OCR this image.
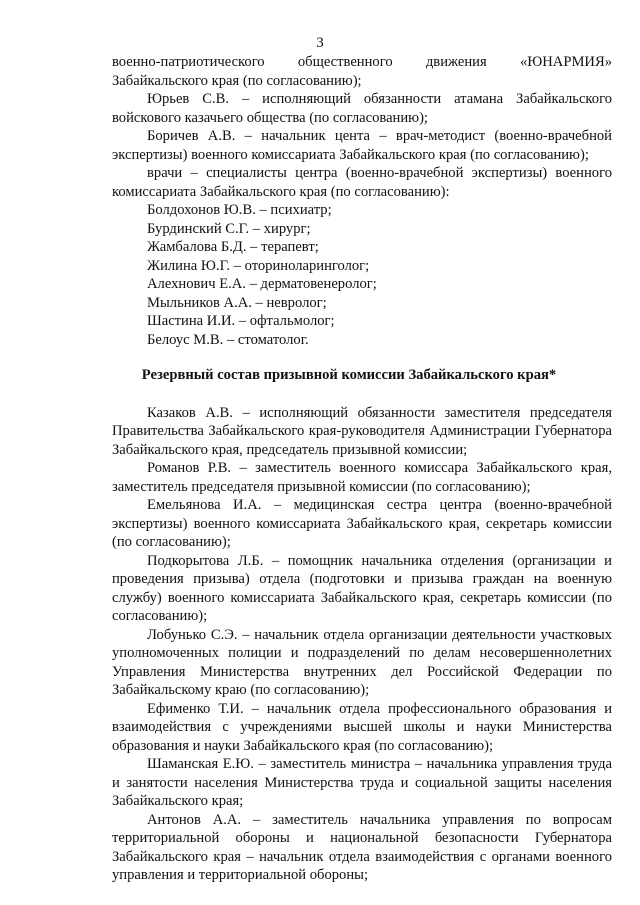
3

военно-патриотического общественного движения «ЮНАРМИЯ» Забайкальского края (по согласованию);

Юрьев С.В. – исполняющий обязанности атамана Забайкальского войскового казачьего общества (по согласованию);

Боричев А.В. – начальник цента – врач-методист (военно-врачебной экспертизы) военного комиссариата Забайкальского края (по согласованию);

врачи – специалисты центра (военно-врачебной экспертизы) военного комиссариата Забайкальского края (по согласованию):

Болдохонов Ю.В. – психиатр;

Бурдинский С.Г. – хирург;

Жамбалова Б.Д. – терапевт;

Жилина Ю.Г. – оториноларинголог;

Алехнович Е.А. – дерматовенеролог;

Мыльников А.А. – невролог;

Шастина И.И. – офтальмолог;

Белоус М.В. – стоматолог.

Резервный состав призывной комиссии Забайкальского края*

Казаков А.В. – исполняющий обязанности заместителя председателя Правительства Забайкальского края-руководителя Администрации Губернатора Забайкальского края, председатель призывной комиссии;

Романов Р.В. – заместитель военного комиссара Забайкальского края, заместитель председателя призывной комиссии (по согласованию);

Емельянова И.А. – медицинская сестра центра (военно-врачебной экспертизы) военного комиссариата Забайкальского края, секретарь комиссии (по согласованию);

Подкорытова Л.Б. – помощник начальника отделения (организации и проведения призыва) отдела (подготовки и призыва граждан на военную службу) военного комиссариата Забайкальского края, секретарь комиссии (по согласованию);

Лобунько С.Э. – начальник отдела организации деятельности участковых уполномоченных полиции и подразделений по делам несовершеннолетних Управления Министерства внутренних дел Российской Федерации по Забайкальскому краю (по согласованию);

Ефименко Т.И. – начальник отдела профессионального образования и взаимодействия с учреждениями высшей школы и науки Министерства образования и науки Забайкальского края (по согласованию);

Шаманская Е.Ю. – заместитель министра – начальника управления труда и занятости населения Министерства труда и социальной защиты населения Забайкальского края;

Антонов А.А. – заместитель начальника управления по вопросам территориальной обороны и национальной безопасности Губернатора Забайкальского края – начальник отдела взаимодействия с органами военного управления и территориальной обороны;
